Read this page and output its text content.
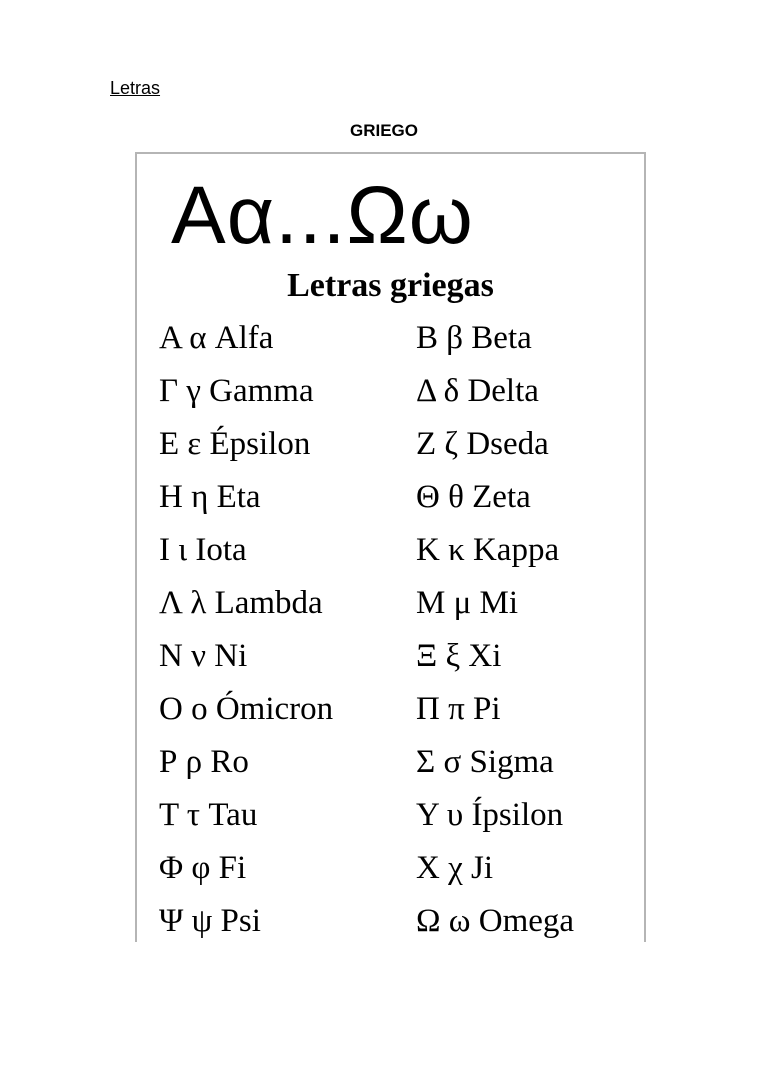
Letras
GRIEGO
Aα...Ωω
Letras griegas
Α α Alfa	Β β Beta
Γ γ Gamma	Δ δ Delta
Ε ε Épsilon	Ζ ζ Dseda
Η η Eta	Θ θ Zeta
Ι ι Iota	Κ κ Kappa
Λ λ Lambda	Μ μ Mi
Ν ν Ni	Ξ ξ Xi
Ο ο Ómicron	Π π Pi
Ρ ρ Ro	Σ σ Sigma
Τ τ Tau	Υ υ Ípsilon
Φ φ Fi	Χ χ Ji
Ψ ψ Psi	Ω ω Omega
